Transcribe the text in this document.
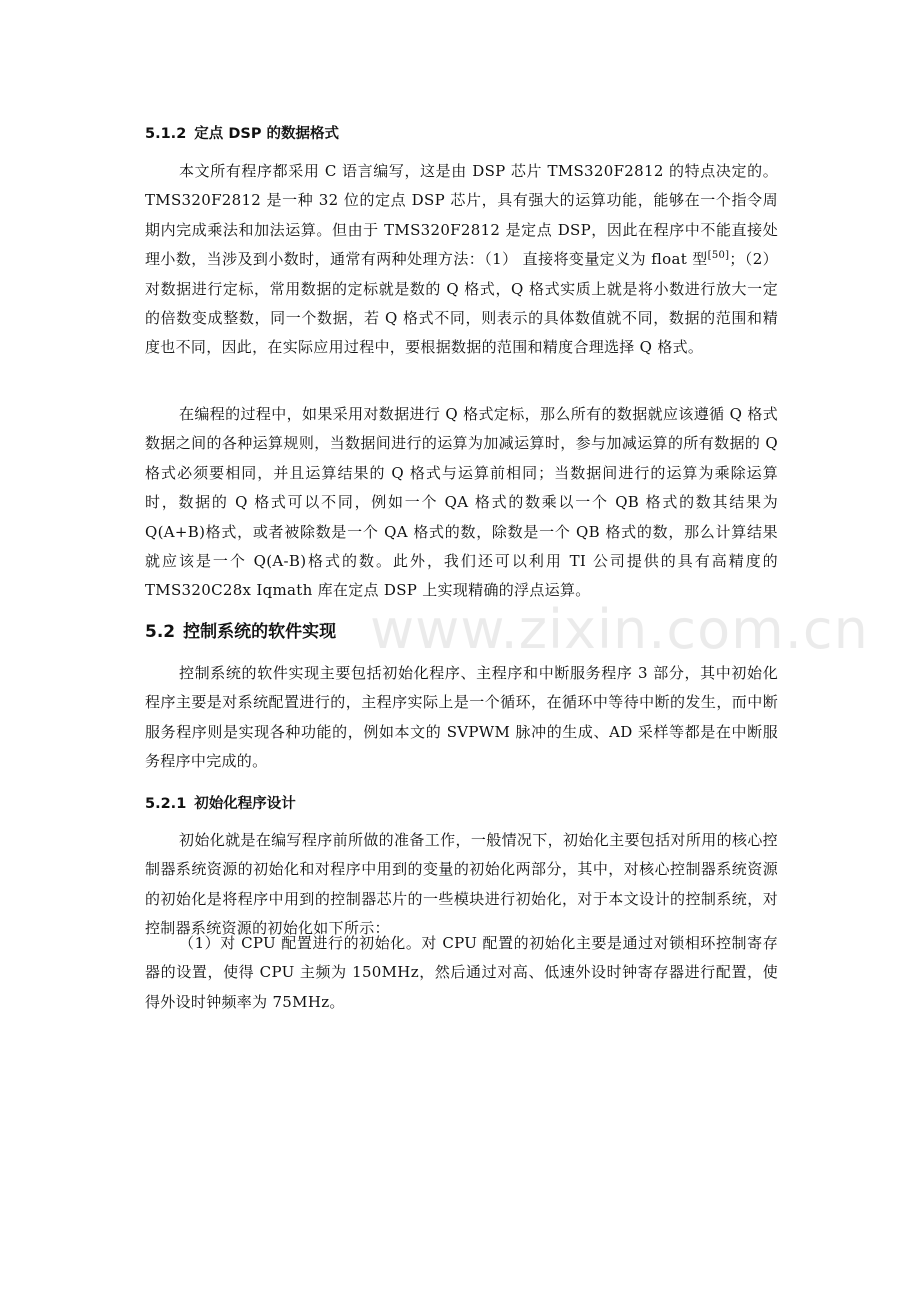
5.1.2 定点 DSP 的数据格式
本文所有程序都采用 C 语言编写，这是由 DSP 芯片 TMS320F2812 的特点决定的。TMS320F2812 是一种 32 位的定点 DSP 芯片，具有强大的运算功能，能够在一个指令周期内完成乘法和加法运算。但由于 TMS320F2812 是定点 DSP，因此在程序中不能直接处理小数，当涉及到小数时，通常有两种处理方法：（1） 直接将变量定义为 float 型[50]；（2）对数据进行定标，常用数据的定标就是数的 Q 格式，Q 格式实质上就是将小数进行放大一定的倍数变成整数，同一个数据，若 Q 格式不同，则表示的具体数值就不同，数据的范围和精度也不同，因此，在实际应用过程中，要根据数据的范围和精度合理选择 Q 格式。
在编程的过程中，如果采用对数据进行 Q 格式定标，那么所有的数据就应该遵循 Q 格式数据之间的各种运算规则，当数据间进行的运算为加减运算时，参与加减运算的所有数据的 Q 格式必须要相同，并且运算结果的 Q 格式与运算前相同；当数据间进行的运算为乘除运算时，数据的 Q 格式可以不同，例如一个 QA 格式的数乘以一个 QB 格式的数其结果为 Q(A+B)格式，或者被除数是一个 QA 格式的数，除数是一个 QB 格式的数，那么计算结果就应该是一个 Q(A-B)格式的数。此外，我们还可以利用 TI 公司提供的具有高精度的 TMS320C28x Iqmath 库在定点 DSP 上实现精确的浮点运算。
5.2 控制系统的软件实现
控制系统的软件实现主要包括初始化程序、主程序和中断服务程序 3 部分，其中初始化程序主要是对系统配置进行的，主程序实际上是一个循环，在循环中等待中断的发生，而中断服务程序则是实现各种功能的，例如本文的 SVPWM 脉冲的生成、AD 采样等都是在中断服务程序中完成的。
5.2.1 初始化程序设计
初始化就是在编写程序前所做的准备工作，一般情况下，初始化主要包括对所用的核心控制器系统资源的初始化和对程序中用到的变量的初始化两部分，其中，对核心控制器系统资源的初始化是将程序中用到的控制器芯片的一些模块进行初始化，对于本文设计的控制系统，对控制器系统资源的初始化如下所示：
（1）对 CPU 配置进行的初始化。对 CPU 配置的初始化主要是通过对锁相环控制寄存器的设置，使得 CPU 主频为 150MHz，然后通过对高、低速外设时钟寄存器进行配置，使得外设时钟频率为 75MHz。
www.zixin.com.cn
